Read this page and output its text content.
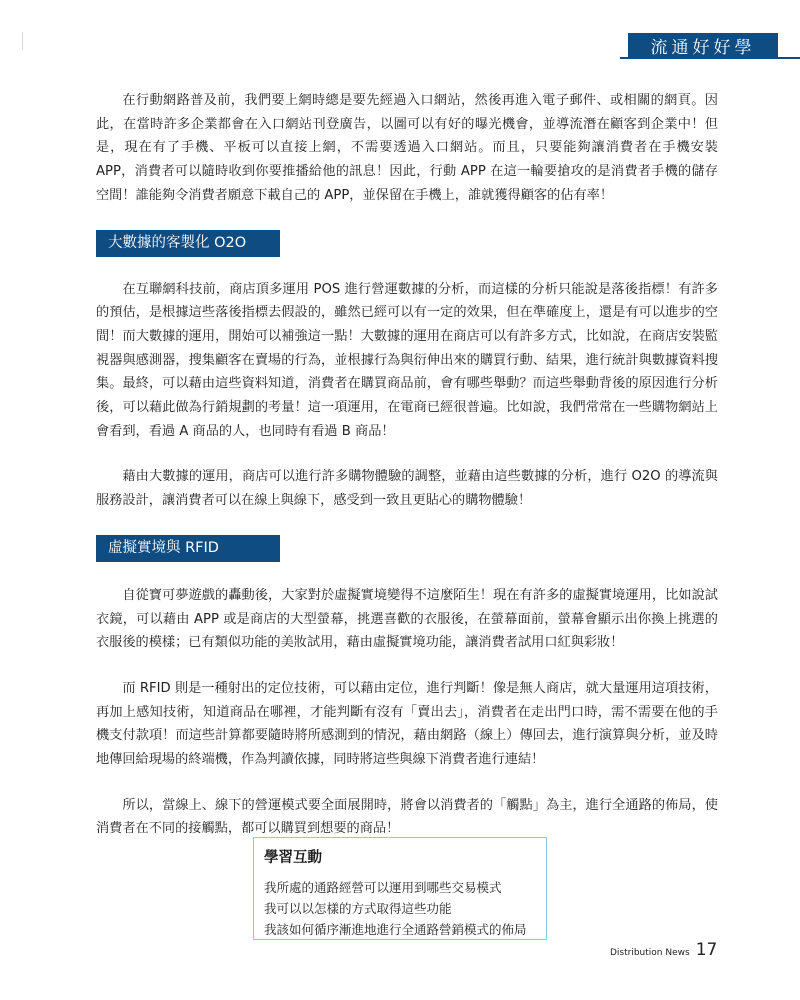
流通好好學

在行動網路普及前，我們要上網時總是要先經過入口網站，然後再進入電子郵件、或相關的網頁。因此，在當時許多企業都會在入口網站刊登廣告，以圖可以有好的曝光機會，並導流潛在顧客到企業中！但是，現在有了手機、平板可以直接上網，不需要透過入口網站。而且，只要能夠讓消費者在手機安裝 APP，消費者可以隨時收到你要推播給他的訊息！因此，行動 APP 在這一輪要搶攻的是消費者手機的儲存空間！誰能夠令消費者願意下載自己的 APP，並保留在手機上，誰就獲得顧客的佔有率！

大數據的客製化 O2O

在互聯網科技前，商店頂多運用 POS 進行營運數據的分析，而這樣的分析只能說是落後指標！有許多的預估，是根據這些落後指標去假設的，雖然已經可以有一定的效果，但在準確度上，還是有可以進步的空間！而大數據的運用，開始可以補強這一點！大數據的運用在商店可以有許多方式，比如說，在商店安裝監視器與感測器，搜集顧客在賣場的行為，並根據行為與衍伸出來的購買行動、結果，進行統計與數據資料搜集。最終，可以藉由這些資料知道，消費者在購買商品前，會有哪些舉動？而這些舉動背後的原因進行分析後，可以藉此做為行銷規劃的考量！這一項運用，在電商已經很普遍。比如說，我們常常在一些購物網站上會看到，看過 A 商品的人，也同時有看過 B 商品！

藉由大數據的運用，商店可以進行許多購物體驗的調整，並藉由這些數據的分析，進行 O2O 的導流與服務設計，讓消費者可以在線上與線下，感受到一致且更貼心的購物體驗！

虛擬實境與 RFID

自從寶可夢遊戲的轟動後，大家對於虛擬實境變得不這麼陌生！現在有許多的虛擬實境運用，比如說試衣鏡，可以藉由 APP 或是商店的大型螢幕，挑選喜歡的衣服後，在螢幕面前，螢幕會顯示出你換上挑選的衣服後的模樣；已有類似功能的美妝試用，藉由虛擬實境功能，讓消費者試用口紅與彩妝！

而 RFID 則是一種射出的定位技術，可以藉由定位，進行判斷！像是無人商店，就大量運用這項技術，再加上感知技術，知道商品在哪裡，才能判斷有沒有「賣出去」，消費者在走出門口時，需不需要在他的手機支付款項！而這些計算都要隨時將所感測到的情況，藉由網路（線上）傳回去，進行演算與分析，並及時地傳回給現場的終端機，作為判讀依據，同時將這些與線下消費者進行連結！

所以，當線上、線下的營運模式要全面展開時，將會以消費者的「觸點」為主，進行全通路的佈局，使消費者在不同的接觸點，都可以購買到想要的商品！

學習互動
我所處的通路經營可以運用到哪些交易模式
我可以以怎樣的方式取得這些功能
我該如何循序漸進地進行全通路營銷模式的佈局
Distribution News 17
